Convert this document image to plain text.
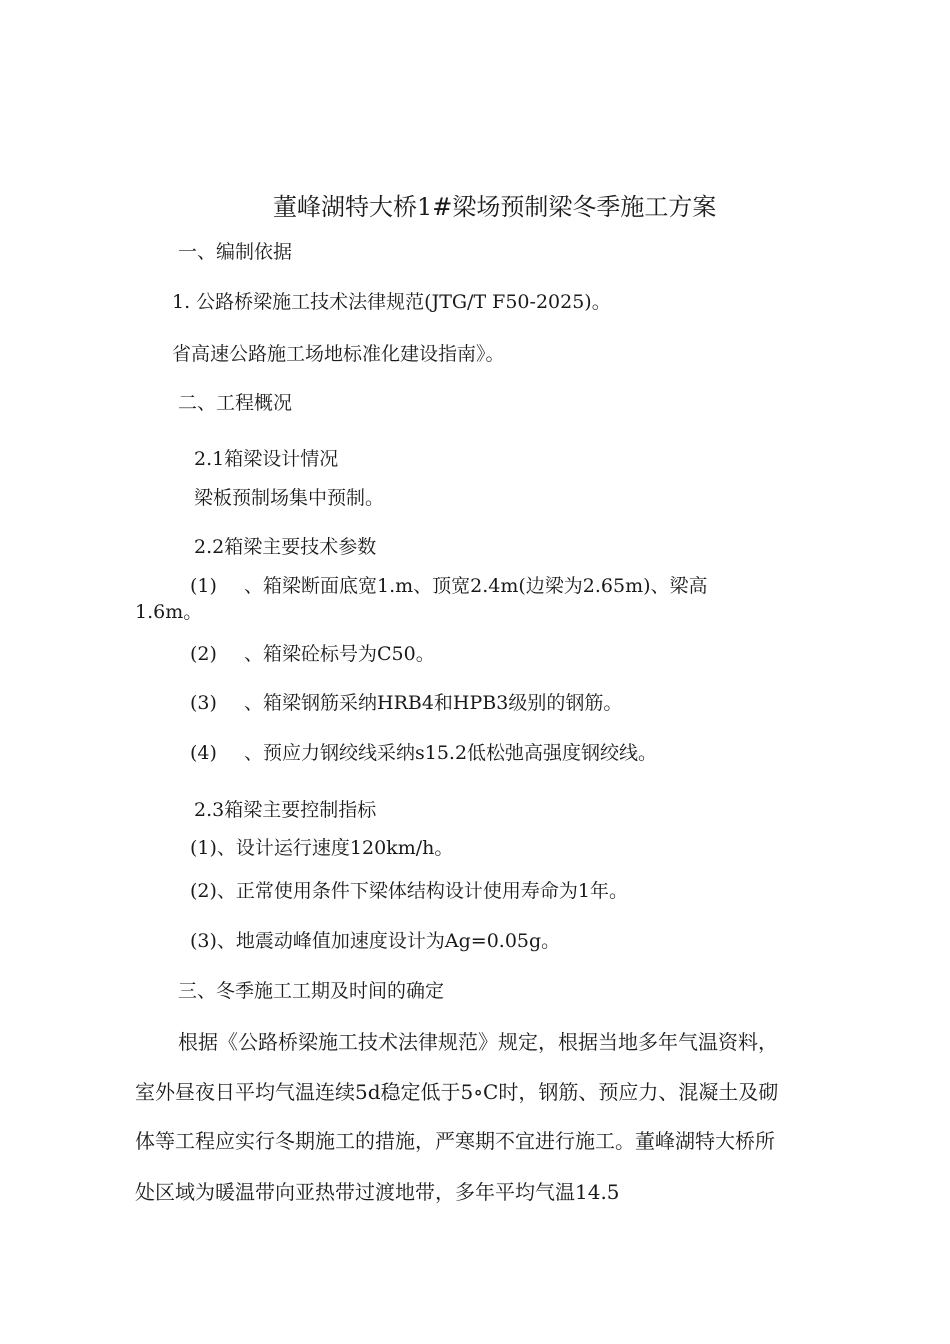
董峰湖特大桥1#梁场预制梁冬季施工方案
一、编制依据
1. 公路桥梁施工技术法律规范(JTG/T F50-2025)。
省高速公路施工场地标准化建设指南》。
二、工程概况
2.1箱梁设计情况
梁板预制场集中预制。
2.2箱梁主要技术参数
(1) 、箱梁断面底宽1.m、顶宽2.4m(边梁为2.65m)、梁高
1.6m。
(2) 、箱梁砼标号为C50。
(3) 、箱梁钢筋采纳HRB4和HPB3级别的钢筋。
(4) 、预应力钢绞线采纳s15.2低松弛高强度钢绞线。
2.3箱梁主要控制指标
(1)、设计运行速度120km/h。
(2)、正常使用条件下梁体结构设计使用寿命为1年。
(3)、地震动峰值加速度设计为Ag=0.05g。
三、冬季施工工期及时间的确定
根据《公路桥梁施工技术法律规范》规定，根据当地多年气温资料，
室外昼夜日平均气温连续5d稳定低于5∘C时，钢筋、预应力、混凝土及砌
体等工程应实行冬期施工的措施，严寒期不宜进行施工。董峰湖特大桥所
处区域为暖温带向亚热带过渡地带，多年平均气温14.5
